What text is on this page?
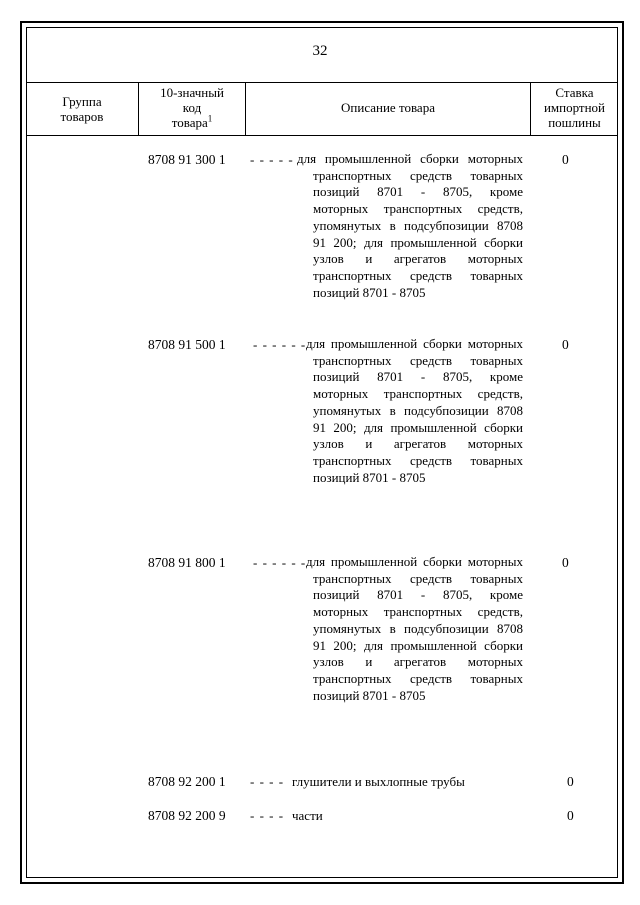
32
Группа
товаров
10-значный
код
товара$^1$
Описание товара
Ставка
импортной
пошлины
8708 91 300 1 - - - - - для промышленной сборки моторных транспортных средств товарных позиций 8701 - 8705, кроме моторных транспортных средств, упомянутых в подсубпозиции 8708 91 200; для промышленной сборки узлов и агрегатов моторных транспортных средств товарных позиций 8701 - 8705
0
8708 91 500 1 - - - - - - для промышленной сборки моторных транспортных средств товарных позиций 8701 - 8705, кроме моторных транспортных средств, упомянутых в подсубпозиции 8708 91 200; для промышленной сборки узлов и агрегатов моторных транспортных средств товарных позиций 8701 - 8705
0
8708 91 800 1 - - - - - - для промышленной сборки моторных транспортных средств товарных позиций 8701 - 8705, кроме моторных транспортных средств, упомянутых в подсубпозиции 8708 91 200; для промышленной сборки узлов и агрегатов моторных транспортных средств товарных позиций 8701 - 8705
0
8708 92 200 1 - - - - глушители и выхлопные трубы	0
8708 92 200 9 - - - - части	0
